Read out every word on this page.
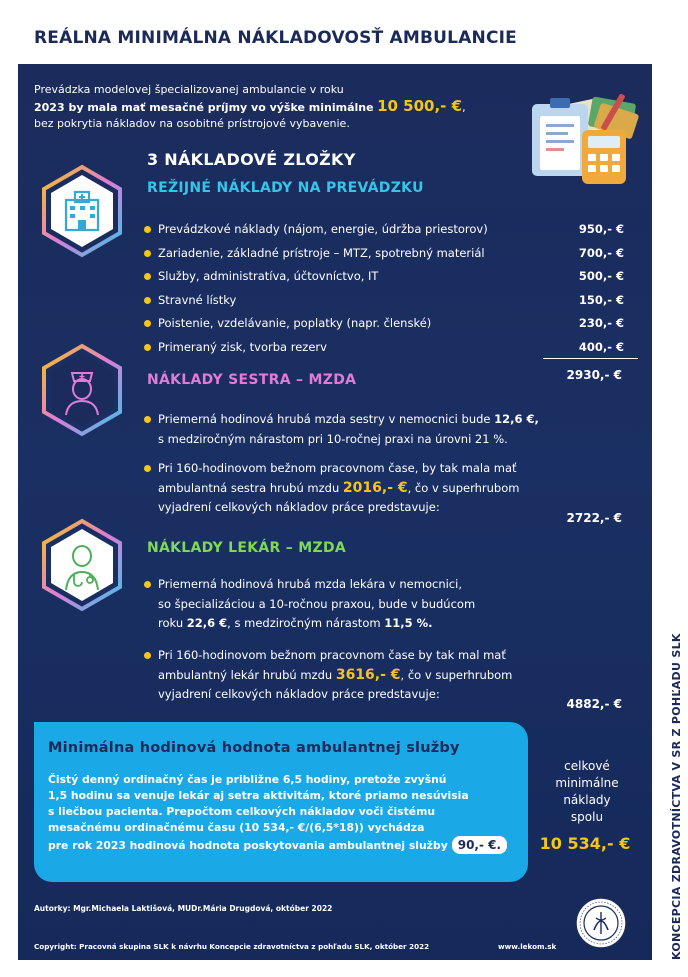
REÁLNA MINIMÁLNA NÁKLADOVOSŤ AMBULANCIE
KONCEPCIA ZDRAVOTNÍCTVA V SR Z POHĽADU SLK
Prevádzka modelovej špecializovanej ambulancie v roku
2023 by mala mať mesačné príjmy vo výške minimálne 10 500,- €,
bez pokrytia nákladov na osobitné prístrojové vybavenie.
3 NÁKLADOVÉ ZLOŽKY
REŽIJNÉ NÁKLADY NA PREVÁDZKU
Prevádzkové náklady (nájom, energie, údržba priestorov)	950,- €
Zariadenie, základné prístroje – MTZ, spotrebný materiál	700,- €
Služby, administratíva, účtovníctvo, IT	500,- €
Stravné lístky	150,- €
Poistenie, vzdelávanie, poplatky (napr. členské)	230,- €
Primeraný zisk, tvorba rezerv	400,- €
2930,- €
NÁKLADY SESTRA – MZDA
Priemerná hodinová hrubá mzda sestry v nemocnici bude 12,6 €,
s medziročným nárastom pri 10-ročnej praxi na úrovni 21 %.
Pri 160-hodinovom bežnom pracovnom čase, by tak mala mať
ambulantná sestra hrubú mzdu 2016,- €, čo v superhrubom
vyjadrení celkových nákladov práce predstavuje:
2722,- €
NÁKLADY LEKÁR – MZDA
Priemerná hodinová hrubá mzda lekára v nemocnici,
so špecializáciou a 10-ročnou praxou, bude v budúcom
roku 22,6 €, s medziročným nárastom 11,5 %.
Pri 160-hodinovom bežnom pracovnom čase by tak mal mať
ambulantný lekár hrubú mzdu 3616,- €, čo v superhrubom
vyjadrení celkových nákladov práce predstavuje:
4882,- €
Minimálna hodinová hodnota ambulantnej služby
Čistý denný ordinačný čas je približne 6,5 hodiny, pretože zvyšnú
1,5 hodinu sa venuje lekár aj setra aktivitám, ktoré priamo nesúvisia
s liečbou pacienta. Prepočtom celkových nákladov voči čistému
mesačnému ordinačnému času (10 534,- €/(6,5*18)) vychádza
pre rok 2023 hodinová hodnota poskytovania ambulantnej služby 90,- €.
celkové
minimálne
náklady
spolu
10 534,- €
Autorky: Mgr.Michaela Laktišová, MUDr.Mária Drugdová, október 2022
Copyright: Pracovná skupina SLK k návrhu Koncepcie zdravotníctva z pohľadu SLK, október 2022	www.lekom.sk
